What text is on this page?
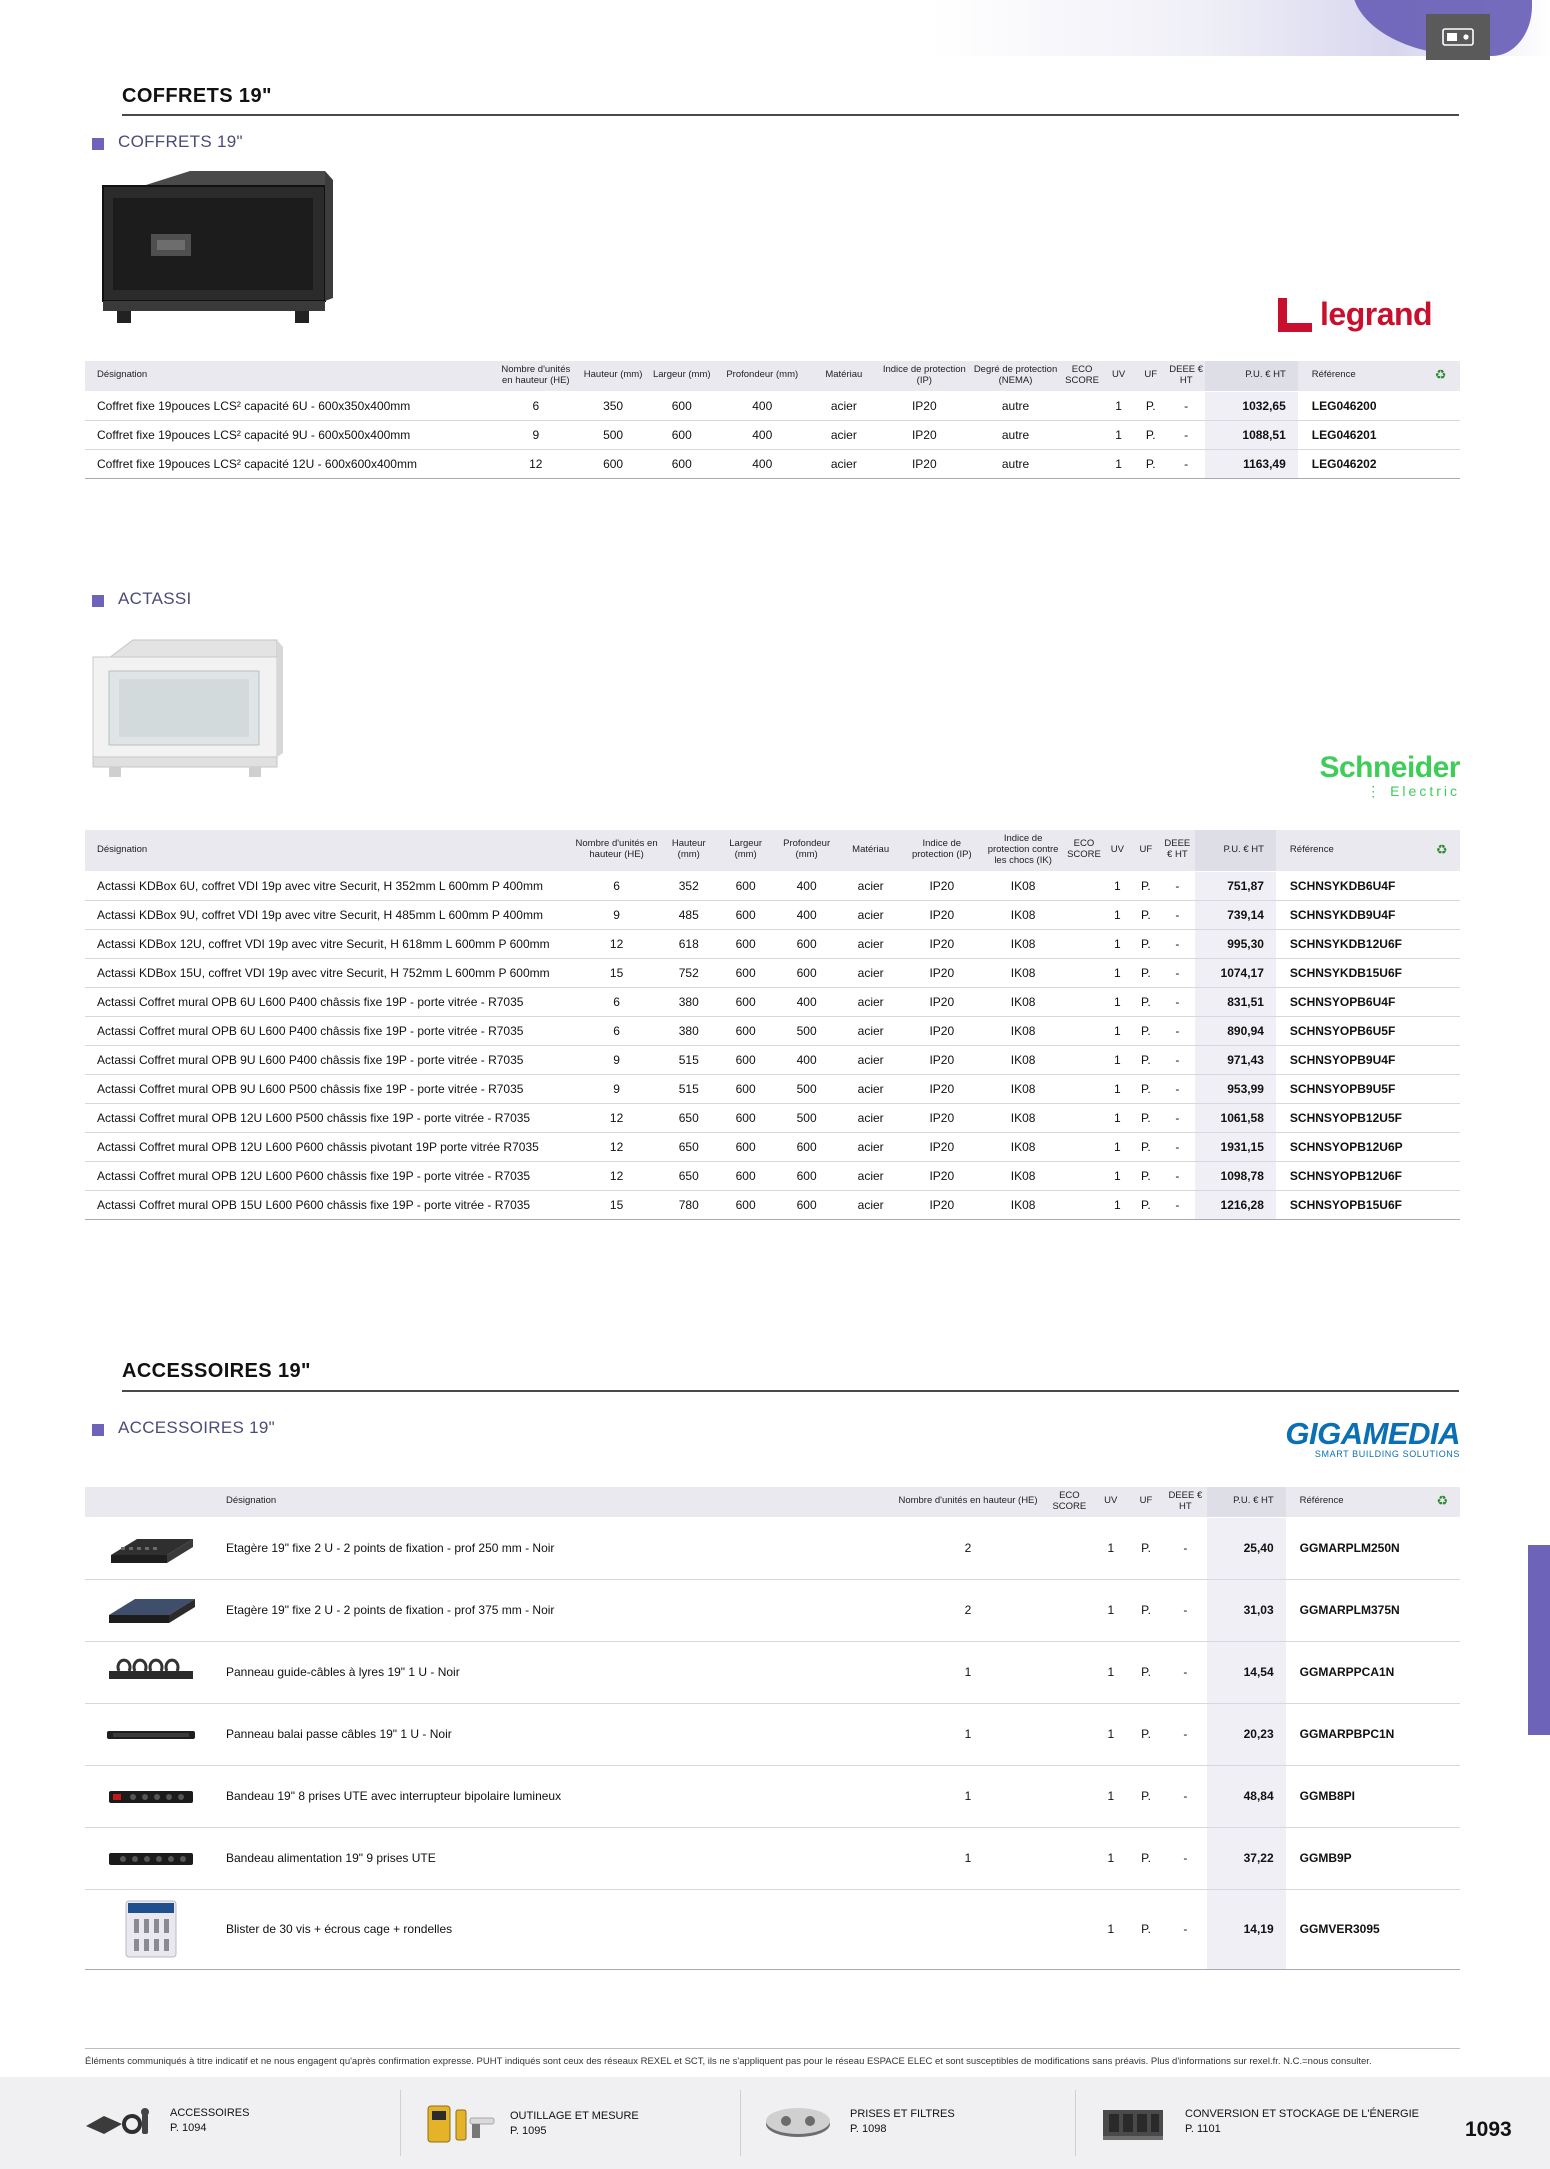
COFFRETS 19"
COFFRETS 19"
legrand
Désignation	Nombre d'unités en hauteur (HE)	Hauteur (mm)	Largeur (mm)	Profondeur (mm)	Matériau	Indice de protection (IP)	Degré de protection (NEMA)	ECO SCORE	UV	UF	DEEE € HT	P.U. € HT	Référence	♻
Coffret fixe 19pouces LCS² capacité 6U - 600x350x400mm	6	350	600	400	acier	IP20	autre		1	P.	-	1032,65	LEG046200	
Coffret fixe 19pouces LCS² capacité 9U - 600x500x400mm	9	500	600	400	acier	IP20	autre		1	P.	-	1088,51	LEG046201	
Coffret fixe 19pouces LCS² capacité 12U - 600x600x400mm	12	600	600	400	acier	IP20	autre		1	P.	-	1163,49	LEG046202	
ACTASSI
Schneider
⋮ Electric
Désignation	Nombre d'unités en hauteur (HE)	Hauteur (mm)	Largeur (mm)	Profondeur (mm)	Matériau	Indice de protection (IP)	Indice de protection contre les chocs (IK)	ECO SCORE	UV	UF	DEEE € HT	P.U. € HT	Référence	♻
Actassi KDBox 6U, coffret VDI 19p avec vitre Securit, H 352mm L 600mm P 400mm	6	352	600	400	acier	IP20	IK08		1	P.	-	751,87	SCHNSYKDB6U4F	
Actassi KDBox 9U, coffret VDI 19p avec vitre Securit, H 485mm L 600mm P 400mm	9	485	600	400	acier	IP20	IK08		1	P.	-	739,14	SCHNSYKDB9U4F	
Actassi KDBox 12U, coffret VDI 19p avec vitre Securit, H 618mm L 600mm P 600mm	12	618	600	600	acier	IP20	IK08		1	P.	-	995,30	SCHNSYKDB12U6F	
Actassi KDBox 15U, coffret VDI 19p avec vitre Securit, H 752mm L 600mm P 600mm	15	752	600	600	acier	IP20	IK08		1	P.	-	1074,17	SCHNSYKDB15U6F	
Actassi Coffret mural OPB 6U L600 P400 châssis fixe 19P - porte vitrée - R7035	6	380	600	400	acier	IP20	IK08		1	P.	-	831,51	SCHNSYOPB6U4F	
Actassi Coffret mural OPB 6U L600 P400 châssis fixe 19P - porte vitrée - R7035	6	380	600	500	acier	IP20	IK08		1	P.	-	890,94	SCHNSYOPB6U5F	
Actassi Coffret mural OPB 9U L600 P400 châssis fixe 19P - porte vitrée - R7035	9	515	600	400	acier	IP20	IK08		1	P.	-	971,43	SCHNSYOPB9U4F	
Actassi Coffret mural OPB 9U L600 P500 châssis fixe 19P - porte vitrée - R7035	9	515	600	500	acier	IP20	IK08		1	P.	-	953,99	SCHNSYOPB9U5F	
Actassi Coffret mural OPB 12U L600 P500 châssis fixe 19P - porte vitrée - R7035	12	650	600	500	acier	IP20	IK08		1	P.	-	1061,58	SCHNSYOPB12U5F	
Actassi Coffret mural OPB 12U L600 P600 châssis pivotant 19P porte vitrée R7035	12	650	600	600	acier	IP20	IK08		1	P.	-	1931,15	SCHNSYOPB12U6P	
Actassi Coffret mural OPB 12U L600 P600 châssis fixe 19P - porte vitrée - R7035	12	650	600	600	acier	IP20	IK08		1	P.	-	1098,78	SCHNSYOPB12U6F	
Actassi Coffret mural OPB 15U L600 P600 châssis fixe 19P - porte vitrée - R7035	15	780	600	600	acier	IP20	IK08		1	P.	-	1216,28	SCHNSYOPB15U6F	
ACCESSOIRES 19"
ACCESSOIRES 19"	GIGAMEDIA
SMART BUILDING SOLUTIONS
	Désignation	Nombre d'unités en hauteur (HE)	ECO SCORE	UV	UF	DEEE € HT	P.U. € HT	Référence	♻
	Etagère 19" fixe 2 U - 2 points de fixation - prof 250 mm - Noir	2		1	P.	-	25,40	GGMARPLM250N	
	Etagère 19" fixe 2 U - 2 points de fixation - prof 375 mm - Noir	2		1	P.	-	31,03	GGMARPLM375N	
	Panneau guide-câbles à lyres 19" 1 U - Noir	1		1	P.	-	14,54	GGMARPPCA1N	
	Panneau balai passe câbles 19" 1 U - Noir	1		1	P.	-	20,23	GGMARPBPC1N	
	Bandeau 19" 8 prises UTE avec interrupteur bipolaire lumineux	1		1	P.	-	48,84	GGMB8PI	
	Bandeau alimentation 19" 9 prises UTE	1		1	P.	-	37,22	GGMB9P	
	Blister de 30 vis + écrous cage + rondelles			1	P.	-	14,19	GGMVER3095	
Éléments communiqués à titre indicatif et ne nous engagent qu'après confirmation expresse. PUHT indiqués sont ceux des réseaux REXEL et SCT, ils ne s'appliquent pas pour le réseau ESPACE ELEC et sont susceptibles de modifications sans préavis. Plus d'informations sur rexel.fr. N.C.=nous consulter.
ACCESSOIRES
P. 1094
OUTILLAGE ET MESURE
P. 1095
PRISES ET FILTRES
P. 1098
CONVERSION ET STOCKAGE DE L'ÉNERGIE
P. 1101	1093
